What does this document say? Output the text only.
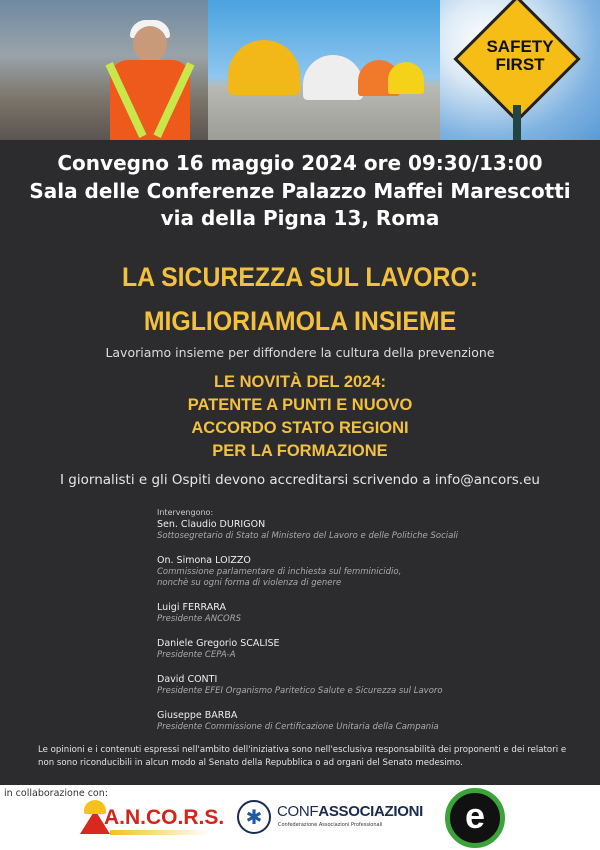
SAFETY FIRST
Convegno 16 maggio 2024 ore 09:30/13:00
Sala delle Conferenze Palazzo Maffei Marescotti
via della Pigna 13, Roma
LA SICUREZZA SUL LAVORO:
MIGLIORIAMOLA INSIEME
Lavoriamo insieme per diffondere la cultura della prevenzione
LE NOVITÀ DEL 2024:
PATENTE A PUNTI E NUOVO
ACCORDO STATO REGIONI
PER LA FORMAZIONE
I giornalisti e gli Ospiti devono accreditarsi scrivendo a info@ancors.eu
Intervengono:
Sen. Claudio DURIGON
Sottosegretario di Stato al Ministero del Lavoro e delle Politiche Sociali
On. Simona LOIZZO
Commissione parlamentare di inchiesta sul femminicidio,
nonchè su ogni forma di violenza di genere
Luigi FERRARA
Presidente ANCORS
Daniele Gregorio SCALISE
Presidente CEPA-A
David CONTI
Presidente EFEI Organismo Paritetico Salute e Sicurezza sul Lavoro
Giuseppe BARBA
Presidente Commissione di Certificazione Unitaria della Campania
Le opinioni e i contenuti espressi nell'ambito dell'iniziativa sono nell'esclusiva responsabilità dei proponenti e dei relatori e non sono riconducibili in alcun modo al Senato della Repubblica o ad organi del Senato medesimo.
in collaborazione con:
A.N.CO.R.S.	✱ CONFASSOCIAZIONI
Confederazione Associazioni Professionali	e
